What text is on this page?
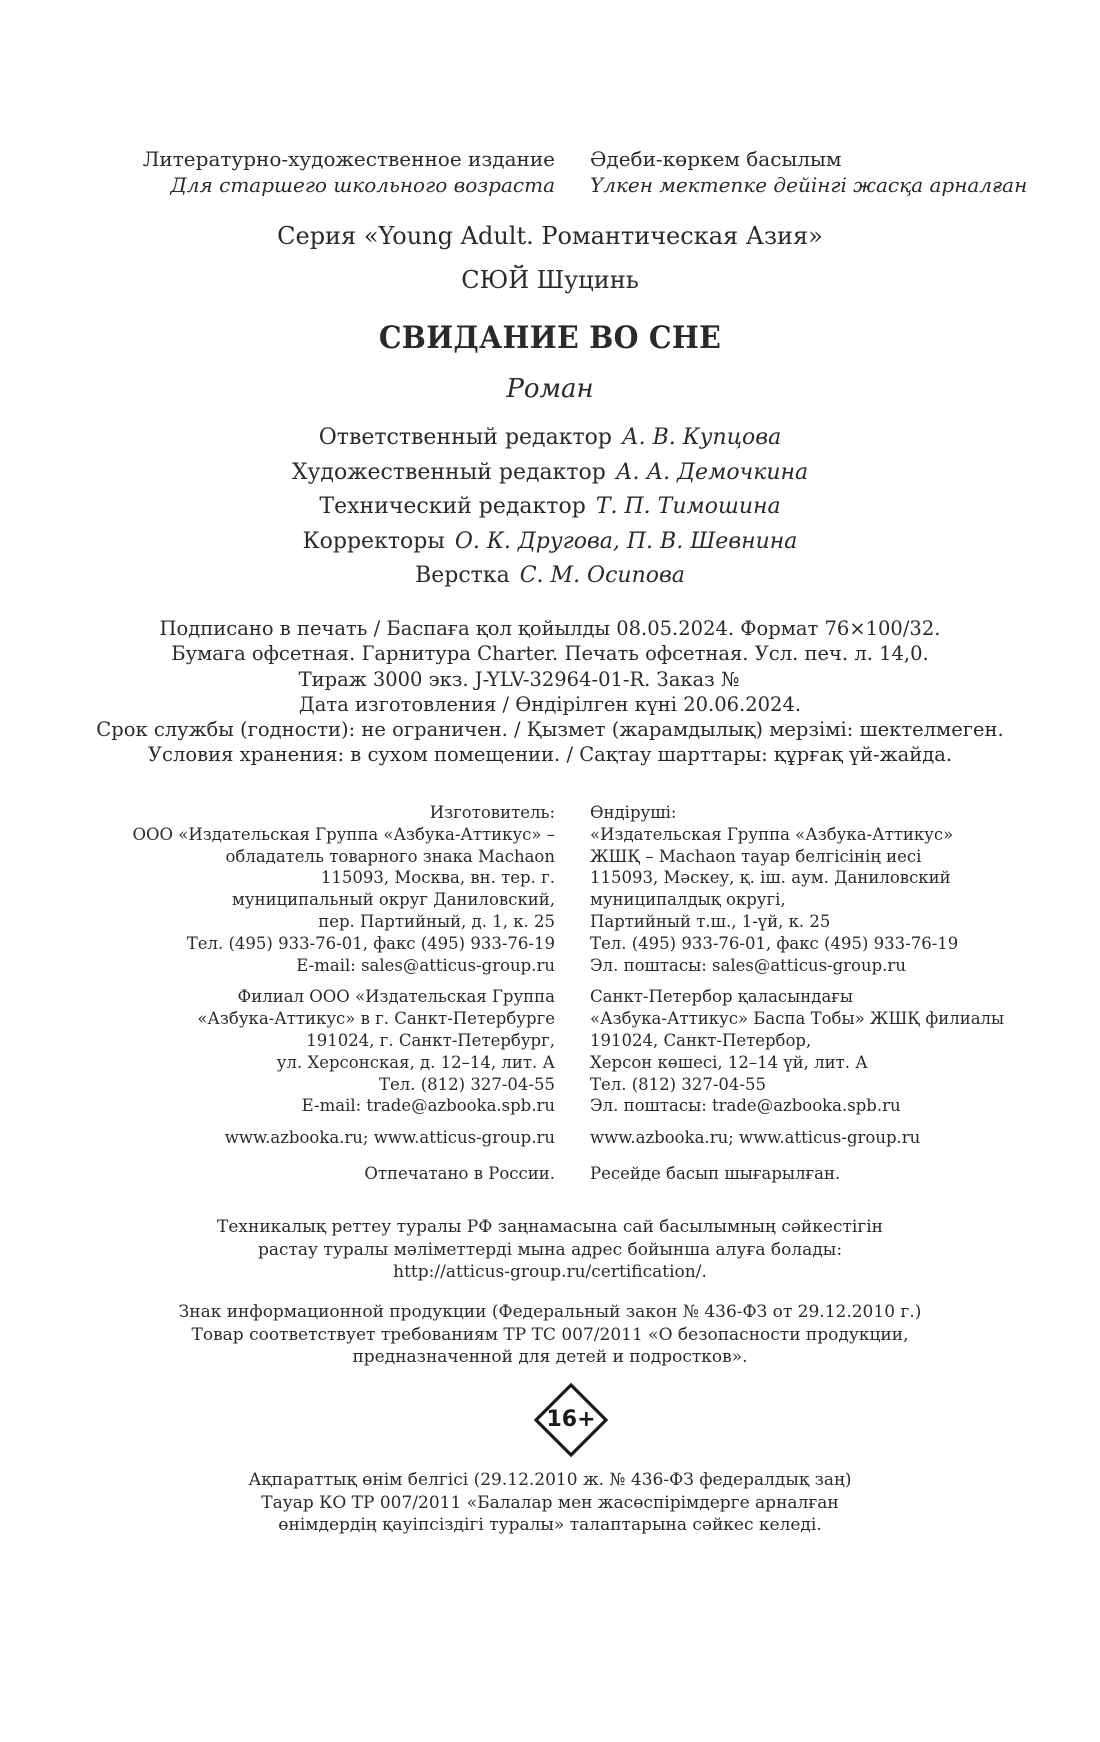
Литературно-художественное издание
Для старшего школьного возраста
Әдеби-көркем басылым
Үлкен мектепке дейінгі жасқа арналған
Серия «Young Adult. Романтическая Азия»
СЮЙ Шуцинь
СВИДАНИЕ ВО СНЕ
Роман
Ответственный редактор А. В. Купцова
Художественный редактор А. А. Демочкина
Технический редактор Т. П. Тимошина
Корректоры О. К. Другова, П. В. Шевнина
Верстка С. М. Осипова
Подписано в печать / Баспаға қол қойылды 08.05.2024. Формат 76×100/32.
Бумага офсетная. Гарнитура Charter. Печать офсетная. Усл. печ. л. 14,0.
Тираж 3000 экз. J-YLV-32964-01-R. Заказ №
Дата изготовления / Өндірілген күні 20.06.2024.
Срок службы (годности): не ограничен. / Қызмет (жарамдылық) мерзімі: шектелмеген.
Условия хранения: в сухом помещении. / Сақтау шарттары: құрғақ үй-жайда.
Изготовитель:
ООО «Издательская Группа «Азбука-Аттикус» –
обладатель товарного знака Machaon
115093, Москва, вн. тер. г.
муниципальный округ Даниловский,
пер. Партийный, д. 1, к. 25
Тел. (495) 933-76-01, факс (495) 933-76-19
E-mail: sales@atticus-group.ru
Өндіруші:
«Издательская Группа «Азбука-Аттикус»
ЖШҚ – Machaon тауар белгісінің иесі
115093, Мәскеу, қ. іш. аум. Даниловский
муниципалдық округі,
Партийный т.ш., 1-үй, к. 25
Тел. (495) 933-76-01, факс (495) 933-76-19
Эл. поштасы: sales@atticus-group.ru
Филиал ООО «Издательская Группа
«Азбука-Аттикус» в г. Санкт-Петербурге
191024, г. Санкт-Петербург,
ул. Херсонская, д. 12–14, лит. А
Тел. (812) 327-04-55
E-mail: trade@azbooka.spb.ru
Санкт-Петербор қаласындағы
«Азбука-Аттикус» Баспа Тобы» ЖШҚ филиалы
191024, Санкт-Петербор,
Херсон көшесі, 12–14 үй, лит. А
Тел. (812) 327-04-55
Эл. поштасы: trade@azbooka.spb.ru
www.azbooka.ru; www.atticus-group.ru www.azbooka.ru; www.atticus-group.ru
Отпечатано в России. Ресейде басып шығарылған.
Техникалық реттеу туралы РФ заңнамасына сай басылымның сәйкестігін
растау туралы мәліметтерді мына адрес бойынша алуға болады:
http://atticus-group.ru/certification/.
Знак информационной продукции (Федеральный закон № 436-ФЗ от 29.12.2010 г.)
Товар соответствует требованиям ТР ТС 007/2011 «О безопасности продукции,
предназначенной для детей и подростков».
16+
Ақпараттық өнім белгісі (29.12.2010 ж. № 436-ФЗ федералдық заң)
Тауар КО ТР 007/2011 «Балалар мен жасөспірімдерге арналған
өнімдердің қауіпсіздігі туралы» талаптарына сәйкес келеді.
